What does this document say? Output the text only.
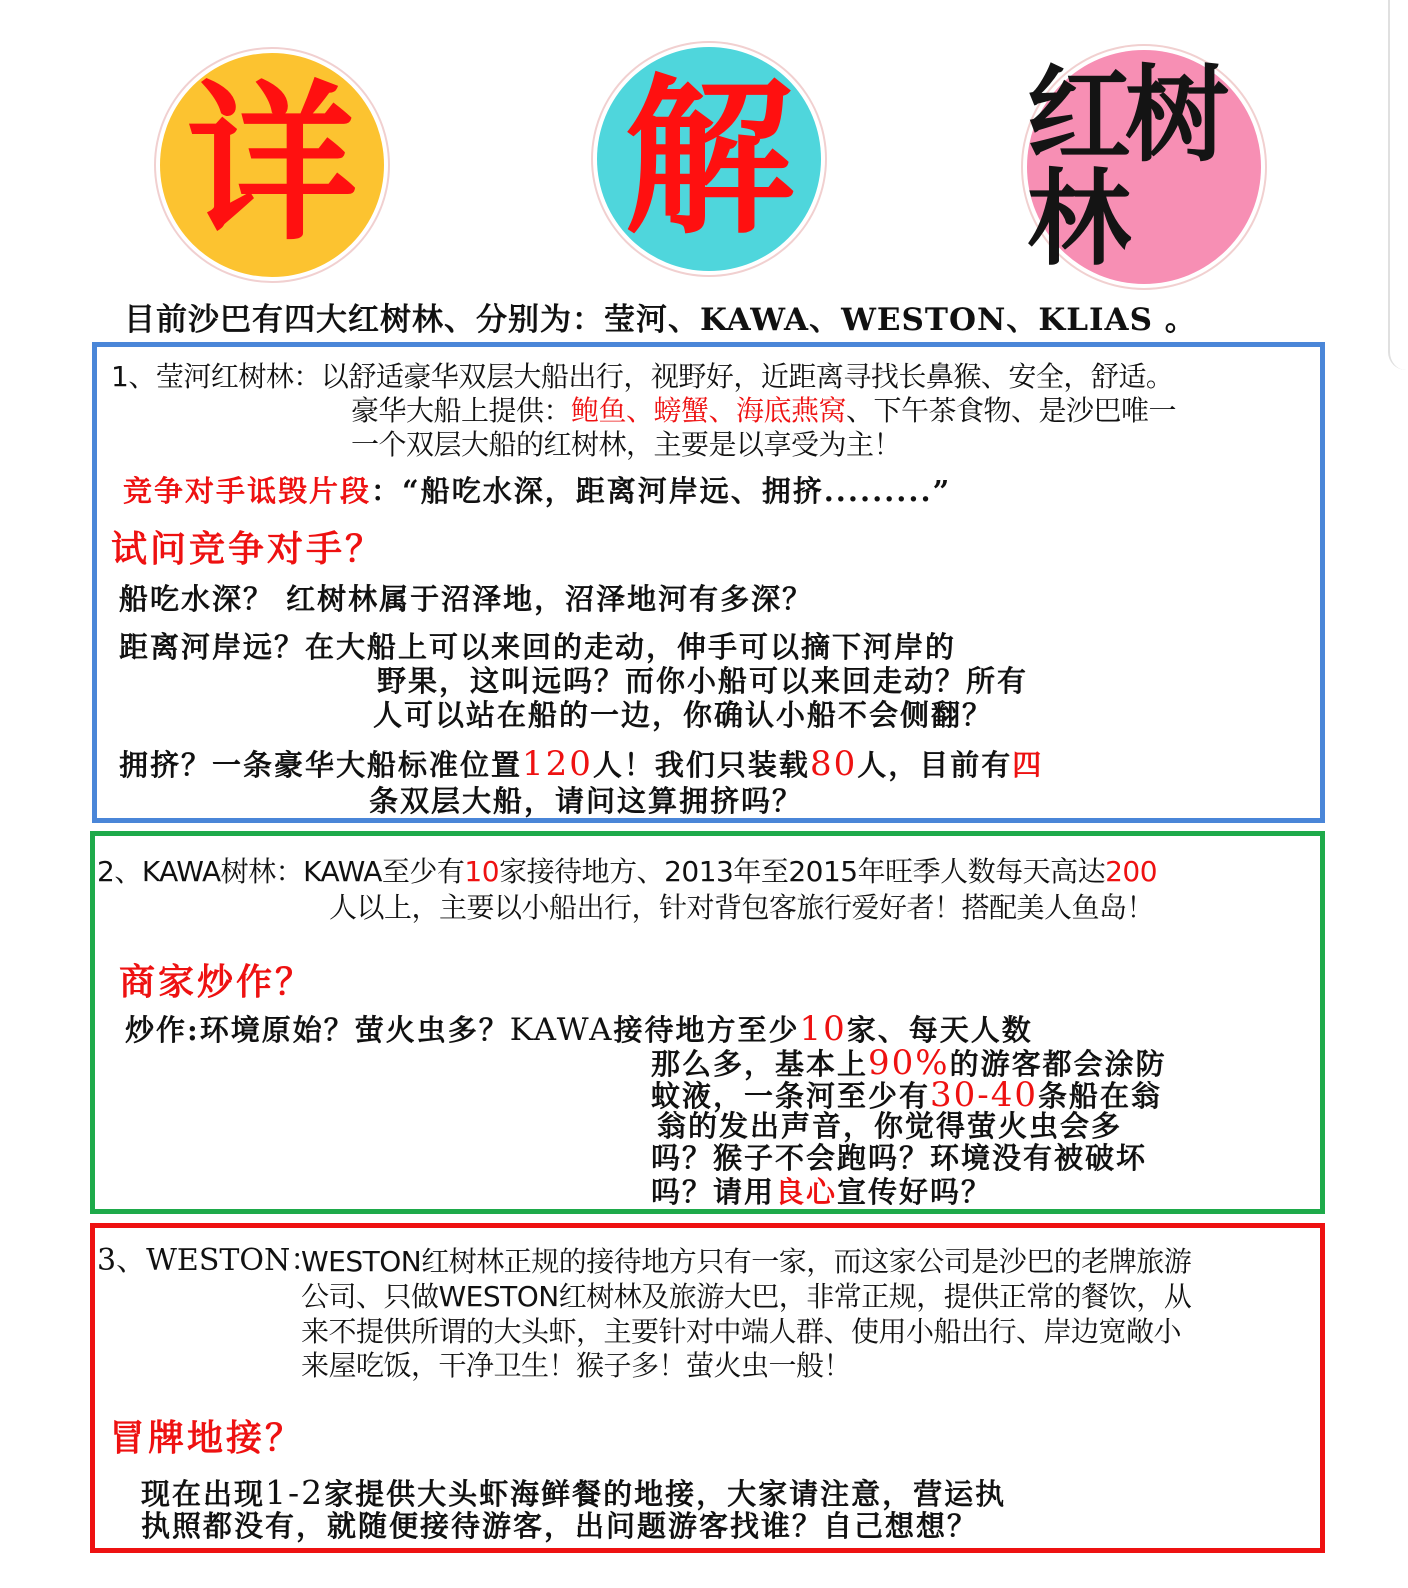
详 解 红树林
目前沙巴有四大红树林、分别为：莹河、KAWA、WESTON、KLIAS 。
1、莹河红树林：以舒适豪华双层大船出行，视野好，近距离寻找长鼻猴、安全，舒适。
豪华大船上提供：鲍鱼、螃蟹、海底燕窝、下午茶食物、是沙巴唯一
一个双层大船的红树林，主要是以享受为主！
竞争对手诋毁片段：“船吃水深，距离河岸远、拥挤.........”
试问竞争对手？
船吃水深？ 红树林属于沼泽地，沼泽地河有多深？
距离河岸远？在大船上可以来回的走动，伸手可以摘下河岸的
野果，这叫远吗？而你小船可以来回走动？所有
人可以站在船的一边，你确认小船不会侧翻？
拥挤？一条豪华大船标准位置120人！我们只装载80人，目前有四
条双层大船，请问这算拥挤吗？
2、KAWA树林：KAWA至少有10家接待地方、2013年至2015年旺季人数每天高达200
人以上，主要以小船出行，针对背包客旅行爱好者！搭配美人鱼岛！
商家炒作？
炒作:环境原始？萤火虫多？KAWA接待地方至少10家、每天人数
那么多，基本上90%的游客都会涂防
蚊液，一条河至少有30-40条船在翁
翁的发出声音，你觉得萤火虫会多
吗？猴子不会跑吗？环境没有被破坏
吗？请用良心宣传好吗？
3、WESTON：
WESTON红树林正规的接待地方只有一家，而这家公司是沙巴的老牌旅游
公司、只做WESTON红树林及旅游大巴，非常正规，提供正常的餐饮，从
来不提供所谓的大头虾，主要针对中端人群、使用小船出行、岸边宽敞小
来屋吃饭，干净卫生！猴子多！萤火虫一般！
冒牌地接？
现在出现1-2家提供大头虾海鲜餐的地接，大家请注意，营运执
执照都没有，就随便接待游客，出问题游客找谁？自己想想？
